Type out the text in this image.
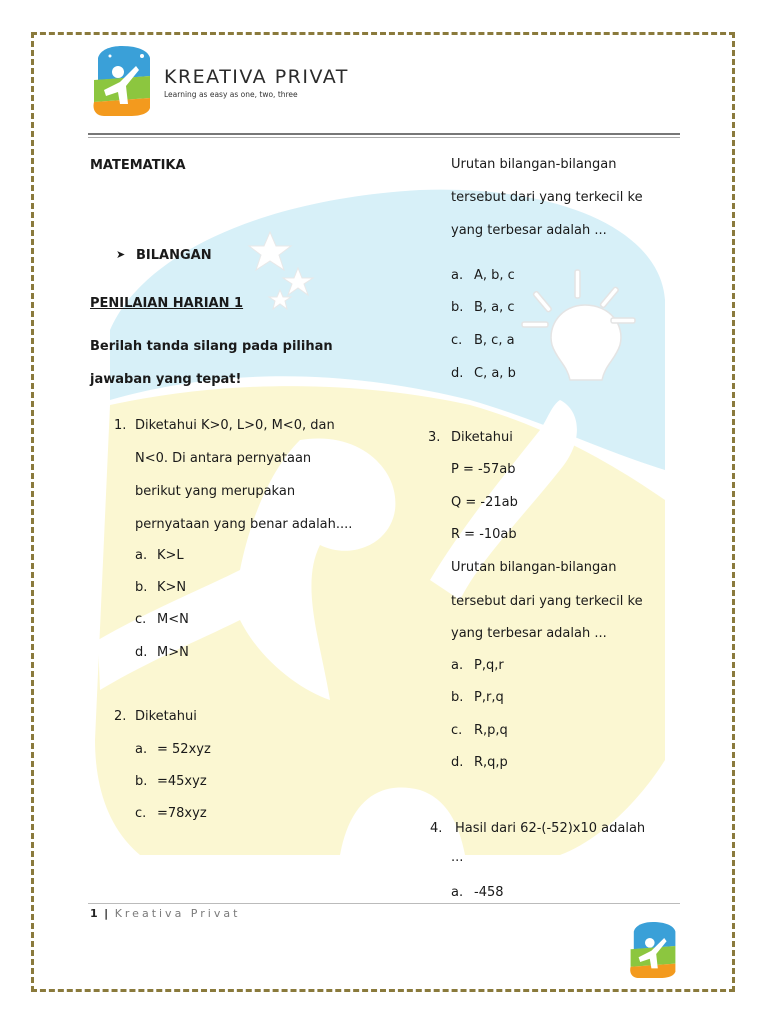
KREATIVA PRIVAT
Learning as easy as one, two, three
MATEMATIKA
➤ BILANGAN
PENILAIAN HARIAN 1
Berilah tanda silang pada pilihan
jawaban yang tepat!
1. Diketahui K>0, L>0, M<0, dan
N<0. Di antara pernyataan
berikut yang merupakan
pernyataan yang benar adalah....
a. K>L
b. K>N
c. M<N
d. M>N
2. Diketahui
a. = 52xyz
b. =45xyz
c. =78xyz
Urutan bilangan-bilangan
tersebut dari yang terkecil ke
yang terbesar adalah ...
a. A, b, c
b. B, a, c
c. B, c, a
d. C, a, b
3. Diketahui
P = -57ab
Q = -21ab
R = -10ab
Urutan bilangan-bilangan
tersebut dari yang terkecil ke
yang terbesar adalah ...
a. P,q,r
b. P,r,q
c. R,p,q
d. R,q,p
4. Hasil dari 62-(-52)x10 adalah
...
a. -458
1 | Kreativa Privat
